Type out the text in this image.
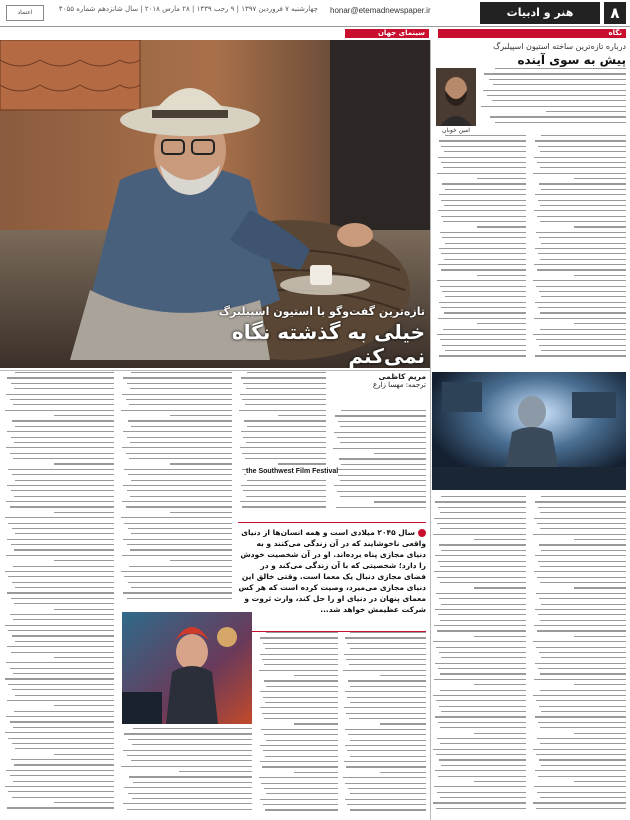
۸
هنر و ادبیات
honar@etemadnewspaper.ir
چهارشنبه ۷ فروردین ۱۳۹۷ | ۹ رجب ۱۴۳۹ | ۲۸ مارس ۲۰۱۸ | سال شانزدهم شماره ۴۰۵۵
اعتماد
نگاه
سینمای جهان
تازه‌ترین گفت‌وگو با استیون اسپیلبرگ
خیلی به گذشته نگاه نمی‌کنم
درباره تازه‌ترین ساخته استیون اسپیلبرگ
پیش به سوی آینده
امین خوبان
مریم کاظمی
ترجمه: مهسا زارع
the Southwest Film Festival
سال ۲۰۴۵ میلادی است و همه انسان‌ها از دنیای واقعی ناخوشایند که در آن زندگی می‌کنند و به دنیای مجازی پناه برده‌اند. او در آن شخصیت خودش را دارد؛ شخصیتی که با آن زندگی می‌کند و در فضای مجازی دنبال یک معما است. وقتی خالق این دنیای مجازی می‌میرد، وصیت کرده است که هر کس معمای پنهان در دنیای او را حل کند، وارث ثروت و شرکت عظیمش خواهد شد...
